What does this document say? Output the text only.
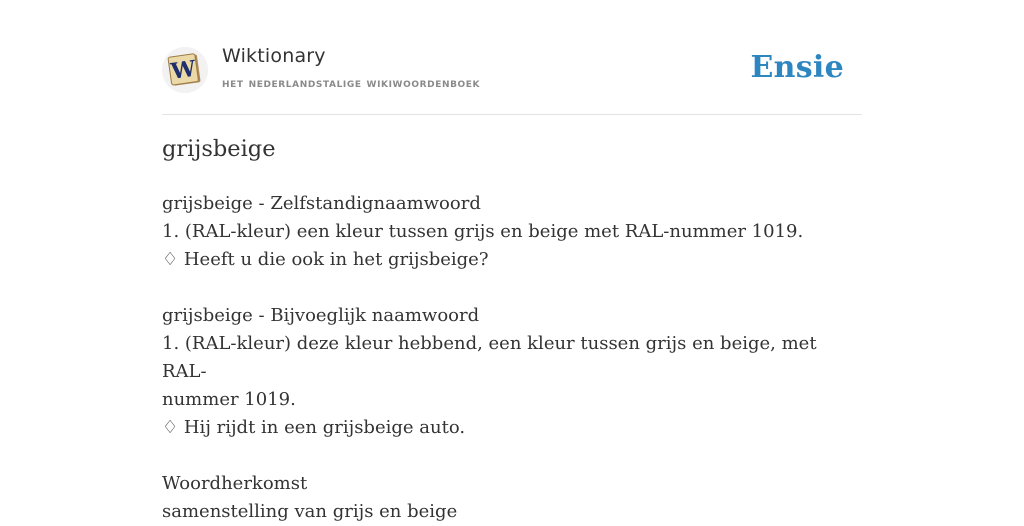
W Wiktionary
het nederlandstalige wikiwoordenboek	Ensie
grijsbeige

grijsbeige - Zelfstandignaamwoord

1. (RAL-kleur) een kleur tussen grijs en beige met RAL-nummer 1019.

♢ Heeft u die ook in het grijsbeige?

grijsbeige - Bijvoeglijk naamwoord

1. (RAL-kleur) deze kleur hebbend, een kleur tussen grijs en beige, met RAL-

nummer 1019.

♢ Hij rijdt in een grijsbeige auto.

Woordherkomst

samenstelling van grijs en beige
